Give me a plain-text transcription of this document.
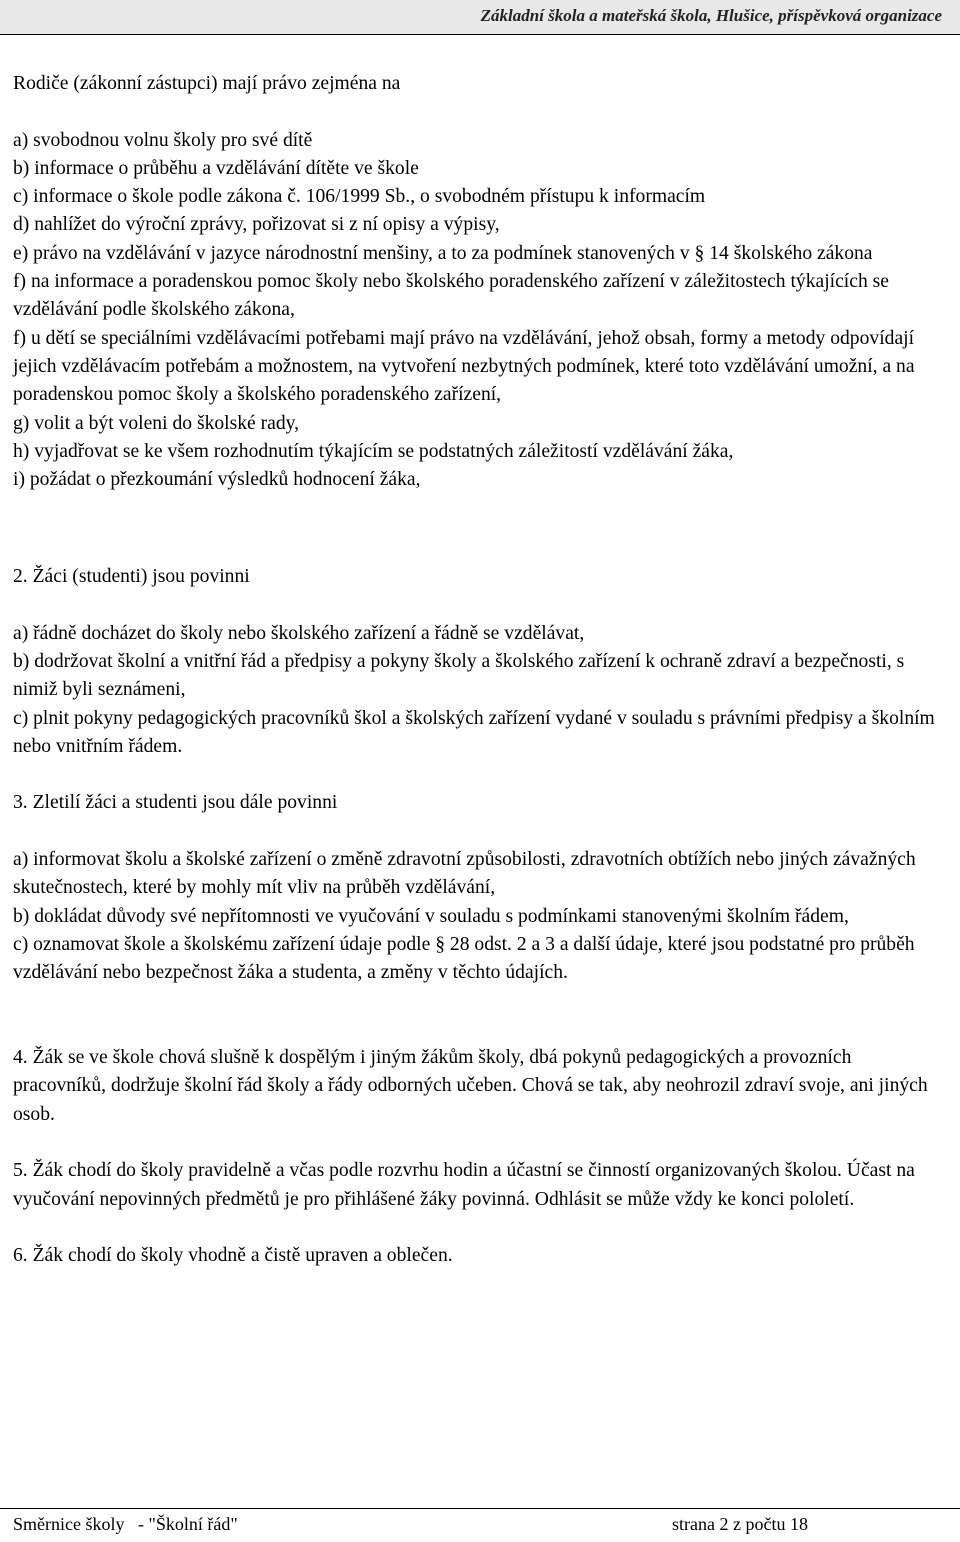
Základní škola a mateřská škola, Hlušice, příspěvková organizace

Rodiče (zákonní zástupci) mají právo zejména na

a) svobodnou volnu školy pro své dítě

b) informace o průběhu a vzdělávání dítěte ve škole

c) informace o škole podle zákona č. 106/1999 Sb., o svobodném přístupu k informacím

d) nahlížet do výroční zprávy, pořizovat si z ní opisy a výpisy,

e) právo na vzdělávání v jazyce národnostní menšiny, a to za podmínek stanovených v § 14 školského zákona

f) na informace a poradenskou pomoc školy nebo školského poradenského zařízení v záležitostech týkajících se vzdělávání podle školského zákona,

f) u dětí se speciálními vzdělávacími potřebami mají právo na vzdělávání, jehož obsah, formy a metody odpovídají jejich vzdělávacím potřebám a možnostem, na vytvoření nezbytných podmínek, které toto vzdělávání umožní, a na poradenskou pomoc školy a školského poradenského zařízení,

g) volit a být voleni do školské rady,

h) vyjadřovat se ke všem rozhodnutím týkajícím se podstatných záležitostí vzdělávání žáka,

i) požádat o přezkoumání výsledků hodnocení žáka,

2. Žáci (studenti) jsou povinni

a) řádně docházet do školy nebo školského zařízení a řádně se vzdělávat,

b) dodržovat školní a vnitřní řád a předpisy a pokyny školy a školského zařízení k ochraně zdraví a bezpečnosti, s nimiž byli seznámeni,

c) plnit pokyny pedagogických pracovníků škol a školských zařízení vydané v souladu s právními předpisy a školním nebo vnitřním řádem.

3. Zletilí žáci a studenti jsou dále povinni

a) informovat školu a školské zařízení o změně zdravotní způsobilosti, zdravotních obtížích nebo jiných závažných skutečnostech, které by mohly mít vliv na průběh vzdělávání,

b) dokládat důvody své nepřítomnosti ve vyučování v souladu s podmínkami stanovenými školním řádem,

c) oznamovat škole a školskému zařízení údaje podle § 28 odst. 2 a 3 a další údaje, které jsou podstatné pro průběh vzdělávání nebo bezpečnost žáka a studenta, a změny v těchto údajích.

4. Žák se ve škole chová slušně k dospělým i jiným žákům školy, dbá pokynů pedagogických a provozních pracovníků, dodržuje školní řád školy a řády odborných učeben. Chová se tak, aby neohrozil zdraví svoje, ani jiných osob.

5. Žák chodí do školy pravidelně a včas podle rozvrhu hodin a účastní se činností organizovaných školou. Účast na vyučování nepovinných předmětů je pro přihlášené žáky povinná. Odhlásit se může vždy ke konci pololetí.

6. Žák chodí do školy vhodně a čistě upraven a oblečen.

Směrnice školy   - "Školní řád"	strana 2 z počtu 18
